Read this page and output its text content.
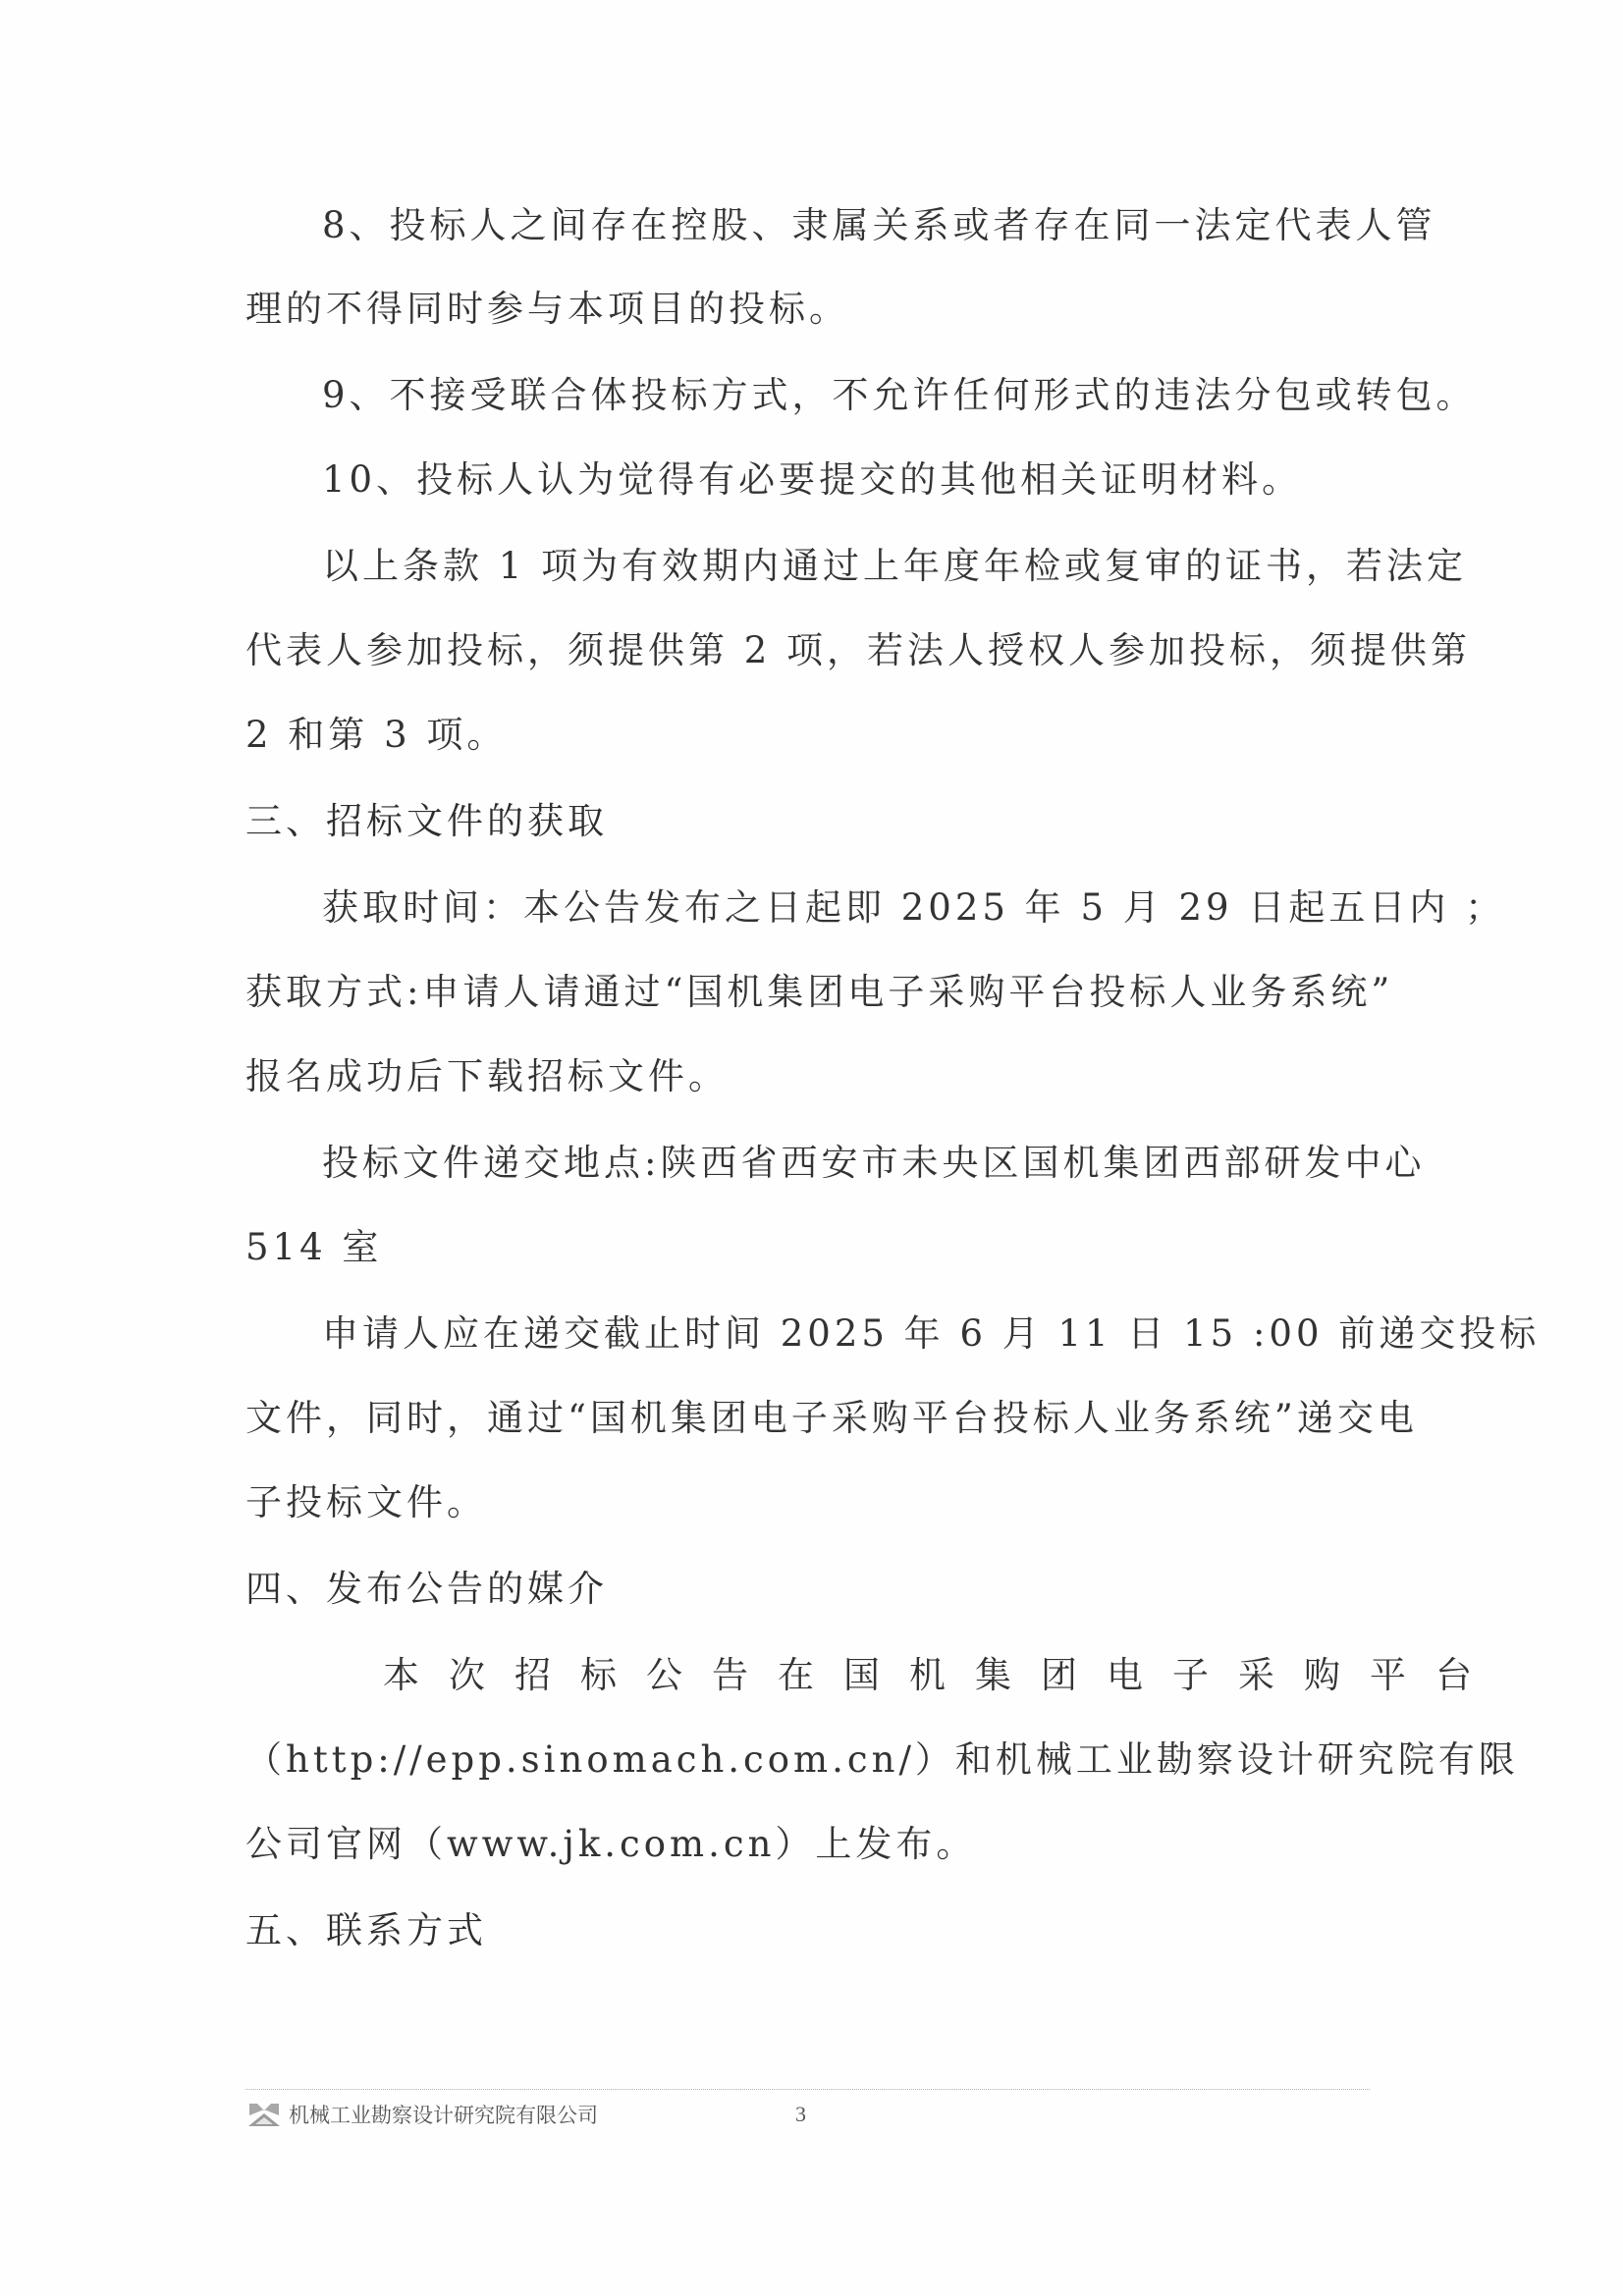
8、投标人之间存在控股、隶属关系或者存在同一法定代表人管
理的不得同时参与本项目的投标。
9、不接受联合体投标方式，不允许任何形式的违法分包或转包。
10、投标人认为觉得有必要提交的其他相关证明材料。
以上条款 1 项为有效期内通过上年度年检或复审的证书，若法定
代表人参加投标，须提供第 2 项，若法人授权人参加投标，须提供第
2 和第 3 项。
三、招标文件的获取
获取时间：本公告发布之日起即 2025 年 5 月 29 日起五日内 ；
获取方式:申请人请通过“国机集团电子采购平台投标人业务系统”
报名成功后下载招标文件。
投标文件递交地点:陕西省西安市未央区国机集团西部研发中心
514 室
申请人应在递交截止时间 2025 年 6 月 11 日 15 :00 前递交投标
文件，同时，通过“国机集团电子采购平台投标人业务系统”递交电
子投标文件。
四、发布公告的媒介
本次招标公告在国机集团电子采购平台
（http://epp.sinomach.com.cn/）和机械工业勘察设计研究院有限
公司官网（www.jk.com.cn）上发布。
五、联系方式
机械工业勘察设计研究院有限公司	3
